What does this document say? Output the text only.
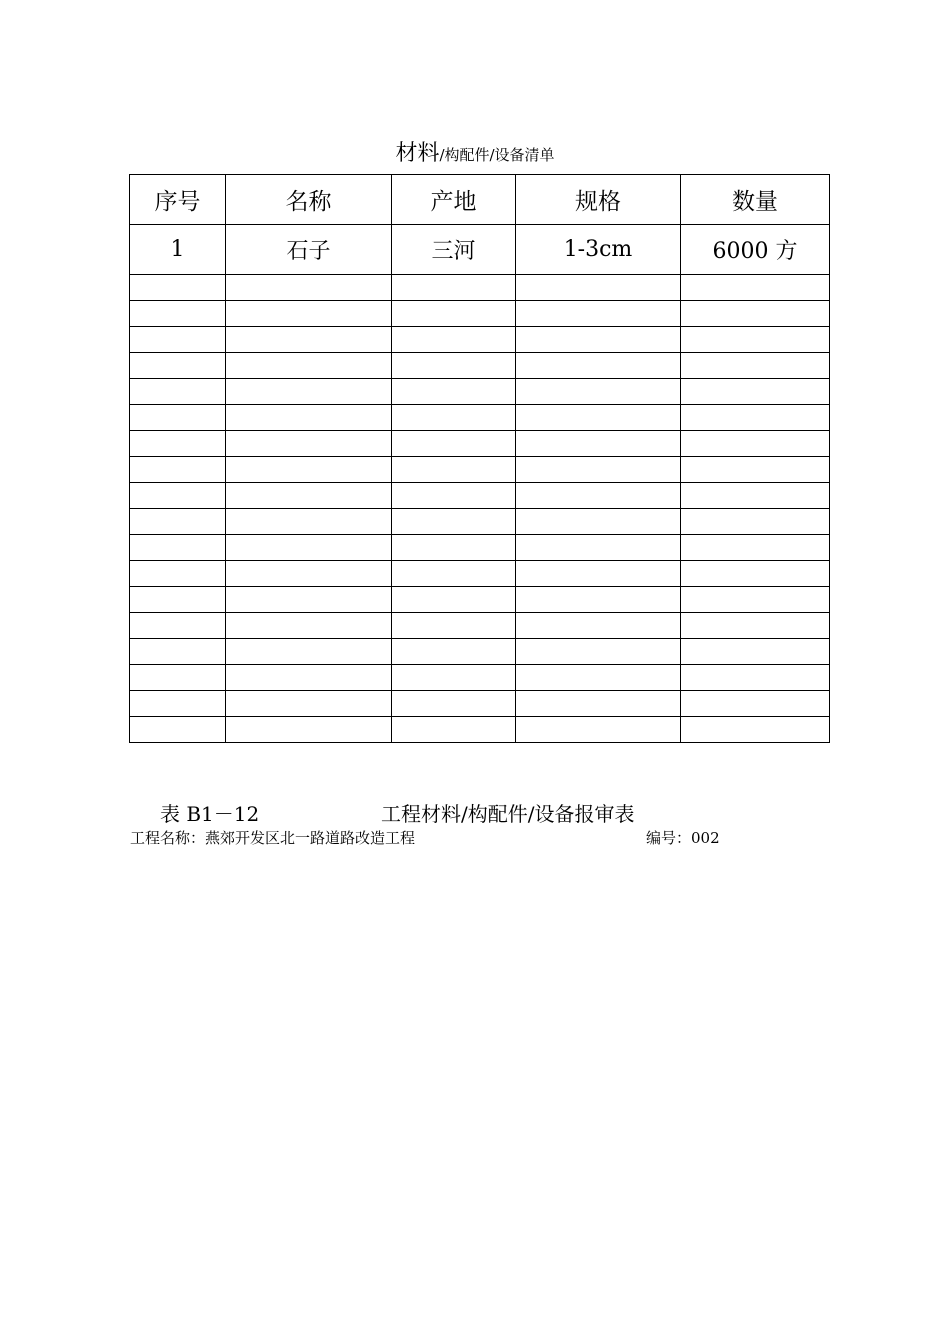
材料/构配件/设备清单
序号	名称	产地	规格	数量
1	石子	三河	1-3cm	6000 方

表 B1－12	工程材料/构配件/设备报审表
工程名称：燕郊开发区北一路道路改造工程	编号：002
